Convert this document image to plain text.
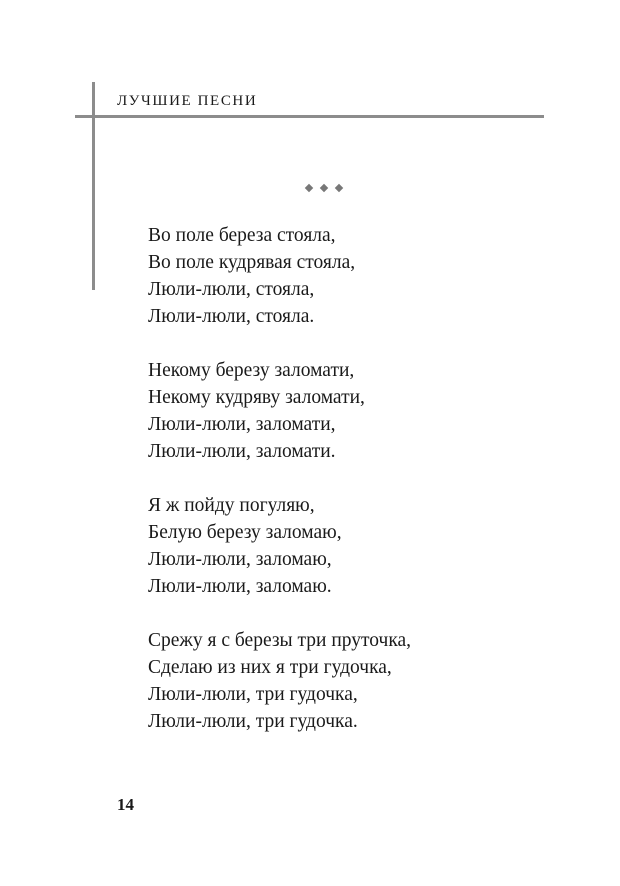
ЛУЧШИЕ ПЕСНИ
Во поле береза стояла,
Во поле кудрявая стояла,
Люли-люли, стояла,
Люли-люли, стояла.
Некому березу заломати,
Некому кудряву заломати,
Люли-люли, заломати,
Люли-люли, заломати.
Я ж пойду погуляю,
Белую березу заломаю,
Люли-люли, заломаю,
Люли-люли, заломаю.
Срежу я с березы три пруточка,
Сделаю из них я три гудочка,
Люли-люли, три гудочка,
Люли-люли, три гудочка.
14
